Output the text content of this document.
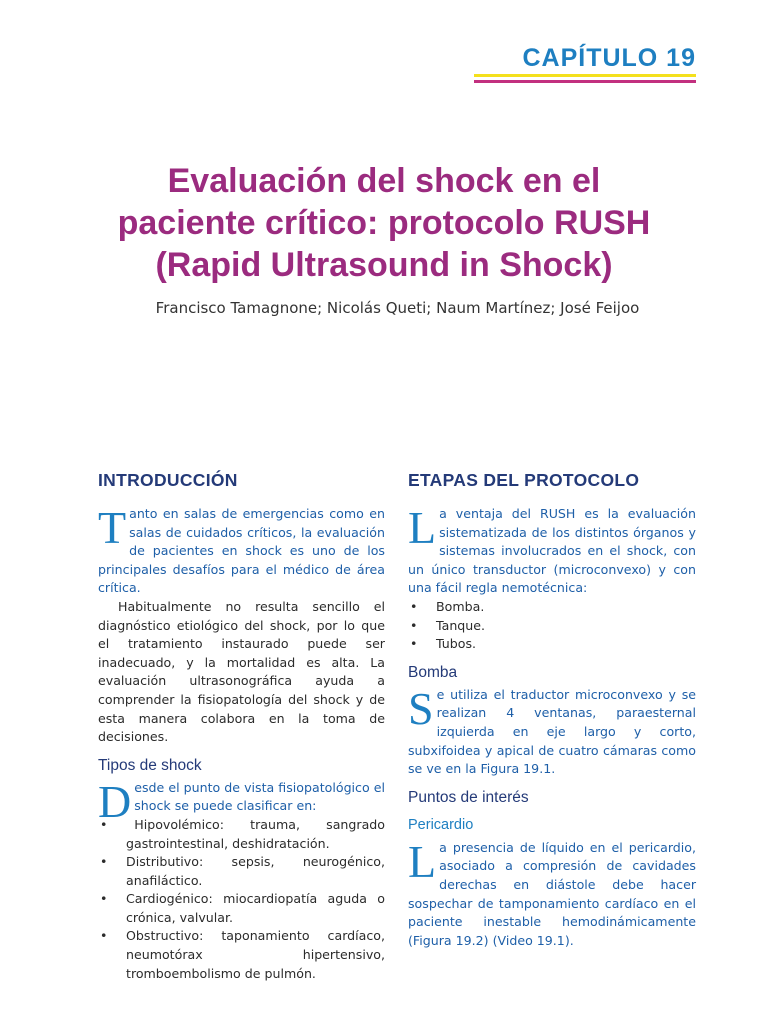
CAPÍTULO 19
Evaluación del shock en el
paciente crítico: protocolo RUSH
(Rapid Ultrasound in Shock)

Francisco Tamagnone; Nicolás Queti; Naum Martínez; José Feijoo

INTRODUCCIÓN

Tanto en salas de emergencias como en salas de cuidados críticos, la evaluación de pacientes en shock es uno de los principales desafíos para el médico de área crítica.

Habitualmente no resulta sencillo el diagnóstico etiológico del shock, por lo que el tratamiento instaurado puede ser inadecuado, y la mortalidad es alta. La evaluación ultrasonográfica ayuda a comprender la fisiopatología del shock y de esta manera colabora en la toma de decisiones.

Tipos de shock

Desde el punto de vista fisiopatológico el shock se puede clasificar en:

• Hipovolémico: trauma, sangrado gastrointestinal, deshidratación.
• Distributivo: sepsis, neurogénico, anafiláctico.
• Cardiogénico: miocardiopatía aguda o crónica, valvular.
• Obstructivo: taponamiento cardíaco, neumotórax hipertensivo, tromboembolismo de pulmón.
ETAPAS DEL PROTOCOLO

La ventaja del RUSH es la evaluación sistematizada de los distintos órganos y sistemas involucrados en el shock, con un único transductor (microconvexo) y con una fácil regla nemotécnica:

• Bomba.
• Tanque.
• Tubos.
Bomba

Se utiliza el traductor microconvexo y se realizan 4 ventanas, paraesternal izquierda en eje largo y corto, subxifoidea y apical de cuatro cámaras como se ve en la Figura 19.1.

Puntos de interés
Pericardio

La presencia de líquido en el pericardio, asociado a compresión de cavidades derechas en diástole debe hacer sospechar de tamponamiento cardíaco en el paciente inestable hemodinámicamente (Figura 19.2) (Video 19.1).
